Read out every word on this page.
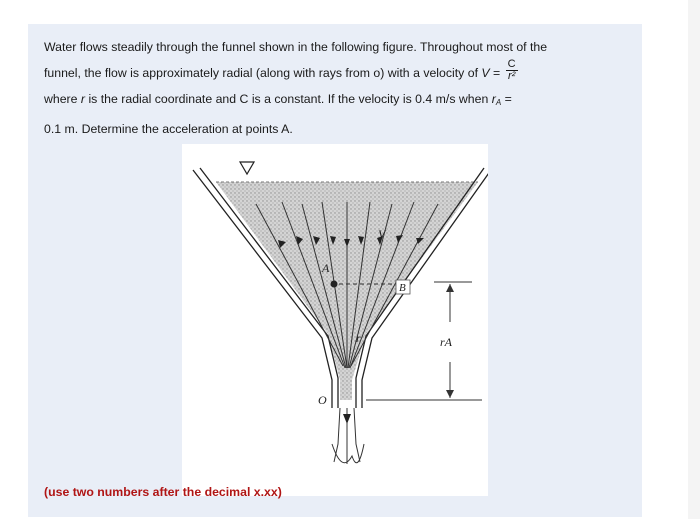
Water flows steadily through the funnel shown in the following figure. Throughout most of the
funnel, the flow is approximately radial (along with rays from o) with a velocity of $V = \frac{C}{\text{r²}}$
where r is the radial coordinate and C is a constant. If the velocity is 0.4 m/s when $r_A$ =
0.1 m. Determine the acceleration at points A.
A
B
r
V
rA
O
(use two numbers after the decimal x.xx)
